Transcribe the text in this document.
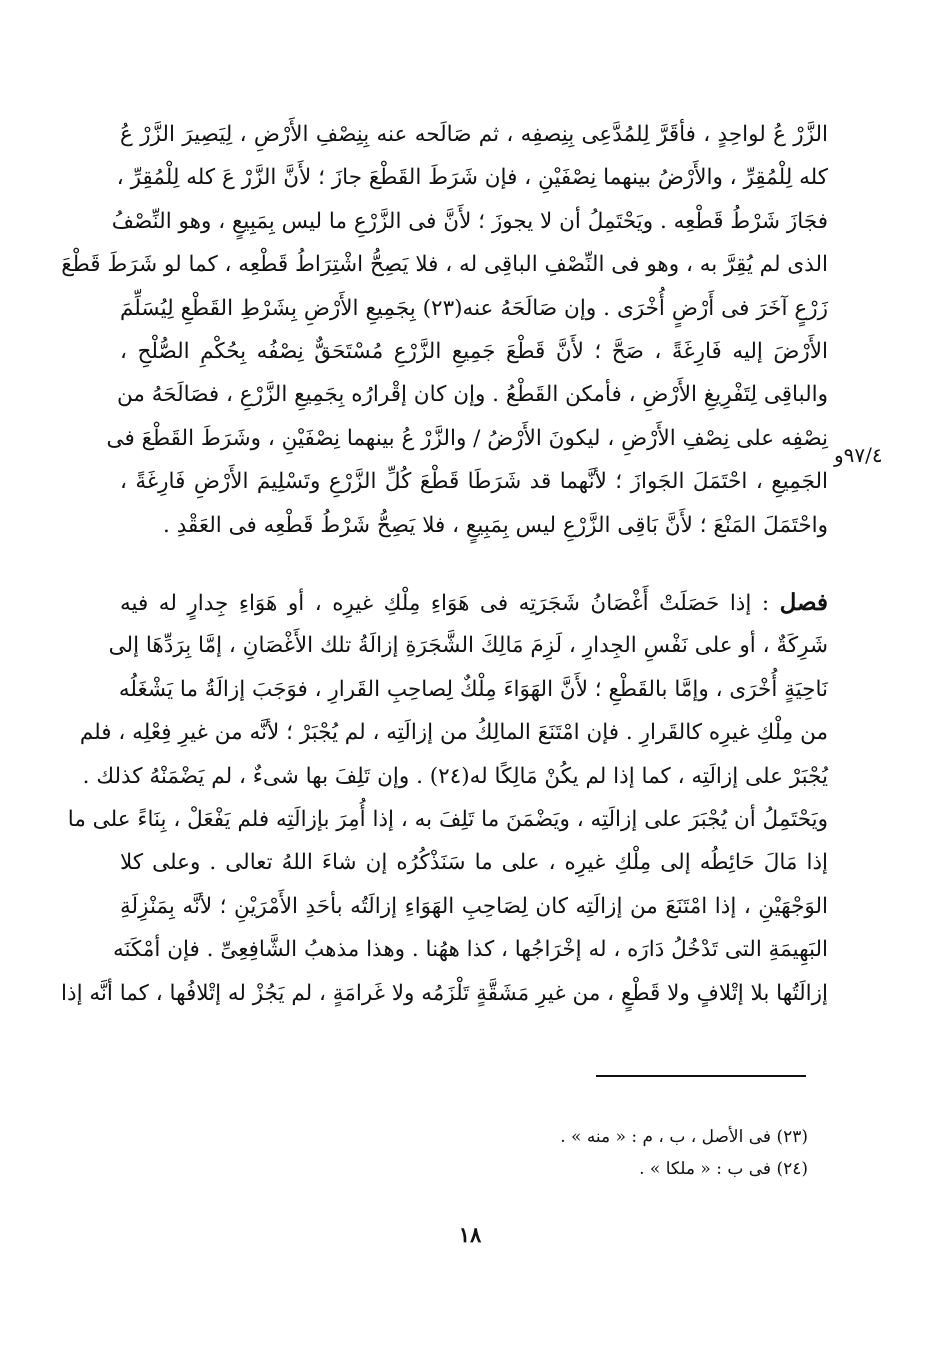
الزَّرْ عُ لواحِدٍ ، فأقَرَّ لِلمُدَّعِى بِنِصفِه ، ثم صَالَحه عنه بِنِصْفِ الأَرْضِ ، لِيَصِيرَ الزَّرْ عُ
كله لِلْمُقِرِّ ، والأَرْضُ بينهما نِصْفَيْنِ ، فإن شَرَطَ القَطْعَ جازَ ؛ لأَنَّ الزَّرْ عَ كله لِلْمُقِرِّ ،
فجَازَ شَرْطُ قَطْعِه . ويَحْتَمِلُ أن لا يجوزَ ؛ لأَنَّ فى الزَّرْعِ ما ليس بِمَبِيعٍ ، وهو النِّصْفُ
الذى لم يُقِرَّ به ، وهو فى النِّصْفِ الباقِى له ، فلا يَصِحُّ اشْتِرَاطُ قَطْعِه ، كما لو شَرَطَ قَطْعَ
زَرْعٍ آخَرَ فى أَرْضٍ أُخْرَى . وإن صَالَحَهُ عنه(٢٣) بِجَمِيعِ الأَرْضِ بِشَرْطِ القَطْعِ لِيُسَلِّمَ
الأَرْضَ إليه فَارِغَةً ، صَحَّ ؛ لأَنَّ قَطْعَ جَمِيعِ الزَّرْعِ مُسْتَحَقٌّ نِصْفُه بِحُكْمِ الصُّلْحِ ،
والباقِى لِتَفْرِيغِ الأَرْضِ ، فأمكن القَطْعُ . وإن كان إقْرارُه بِجَمِيعِ الزَّرْعِ ، فصَالَحَهُ من
نِصْفِه على نِصْفِ الأَرْضِ ، ليكونَ الأَرْضُ / والزَّرْ عُ بينهما نِصْفَيْنِ ، وشَرَطَ القَطْعَ فى
الجَمِيعِ ، احْتَمَلَ الجَوازَ ؛ لأنَّهما قد شَرَطَا قَطْعَ كُلِّ الزَّرْعِ وتَسْلِيمَ الأَرْضِ فَارِغَةً ،
واحْتَمَلَ المَنْعَ ؛ لأَنَّ بَاقِى الزَّرْعِ ليس بِمَبِيعٍ ، فلا يَصِحُّ شَرْطُ قَطْعِه فى العَقْدِ .
٩٧/٤و
فصل : إذا حَصَلَتْ أَغْصَانُ شَجَرَتِه فى هَوَاءِ مِلْكِ غيرِه ، أو هَوَاءِ جِدارٍ له فيه
شَرِكَةٌ ، أو على نَفْسِ الجِدارِ ، لَزِمَ مَالِكَ الشَّجَرَةِ إزالَةُ تلك الأَغْصَانِ ، إمَّا بِرَدِّهَا إلى
نَاحِيَةٍ أُخْرَى ، وإمَّا بالقَطْعِ ؛ لأَنَّ الهَوَاءَ مِلْكٌ لِصاحِبِ القَرارِ ، فوَجَبَ إزالَةُ ما يَشْغَلُه
من مِلْكِ غيرِه كالقَرارِ . فإن امْتَنَعَ المالِكُ من إزالَتِه ، لم يُجْبَرْ ؛ لأنَّه من غيرِ فِعْلِه ، فلم
يُجْبَرْ على إزالَتِه ، كما إذا لم يكُنْ مَالِكًا له(٢٤) . وإن تَلِفَ بها شىءٌ ، لم يَضْمَنْهُ كذلك .
ويَحْتَمِلُ أن يُجْبَرَ على إزالَتِه ، ويَضْمَنَ ما تَلِفَ به ، إذا أُمِرَ بإزالَتِه فلم يَفْعَلْ ، بِنَاءً على ما
إذا مَالَ حَائِطُه إلى مِلْكِ غيرِه ، على ما سَنَذْكُرُه إن شاءَ اللهُ تعالى . وعلى كلا
الوَجْهَيْنِ ، إذا امْتَنَعَ من إزالَتِه كان لِصَاحِبِ الهَوَاءِ إزالَتُه بأحَدِ الأَمْرَيْنِ ؛ لأنَّه بِمَنْزِلَةِ
البَهِيمَةِ التى تَدْخُلُ دَارَه ، له إخْرَاجُها ، كذا ههُنا . وهذا مذهبُ الشَّافِعِىِّ . فإن أمْكَنَه
إزالَتُها بلا إتْلافٍ ولا قَطْعٍ ، من غيرِ مَشَقَّةٍ تَلْزَمُه ولا غَرامَةٍ ، لم يَجُزْ له إتْلافُها ، كما أنَّه إذا
(٢٣) فى الأصل ، ب ، م : « منه » .
(٢٤) فى ب : « ملكا » .
١٨
